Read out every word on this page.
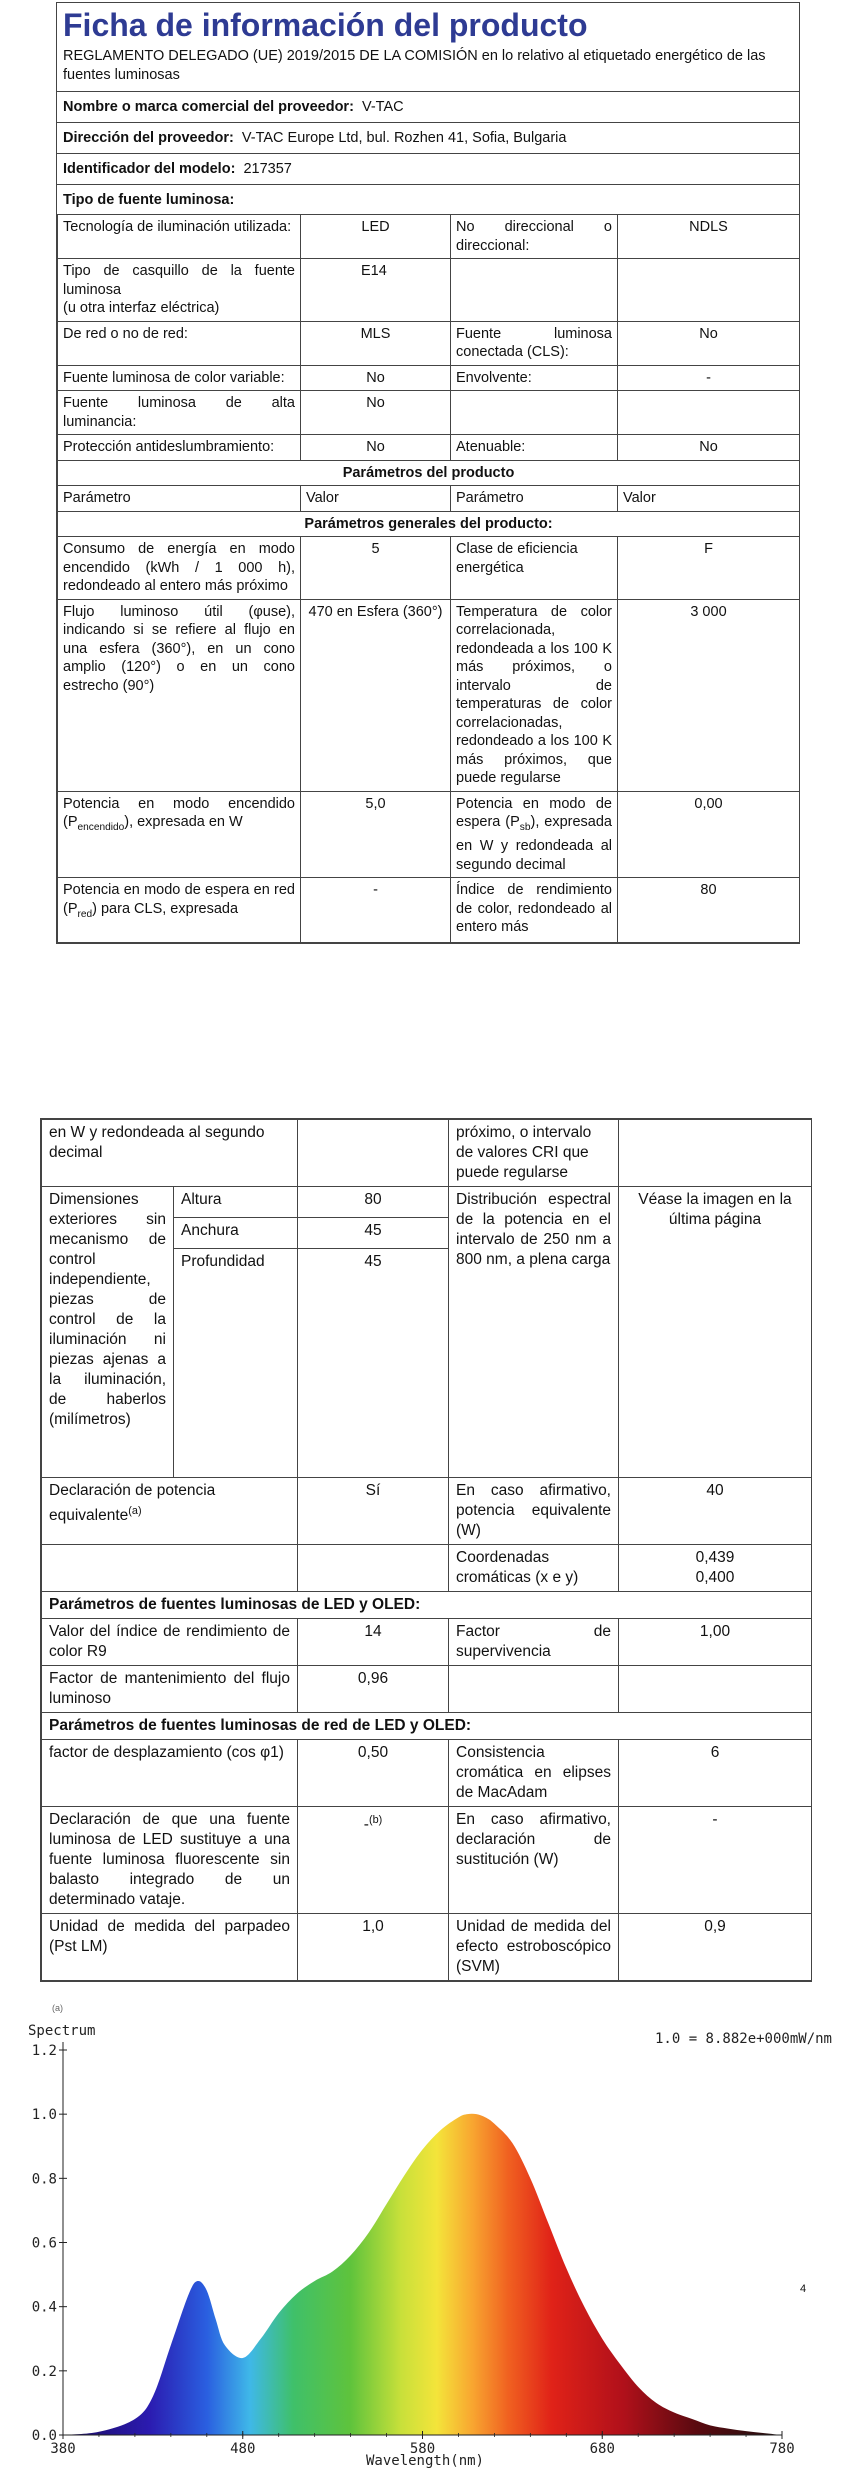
Ficha de información del producto
REGLAMENTO DELEGADO (UE) 2019/2015 DE LA COMISIÓN en lo relativo al etiquetado energético de las fuentes luminosas
Nombre o marca comercial del proveedor: V-TAC
Dirección del proveedor: V-TAC Europe Ltd, bul. Rozhen 41, Sofia, Bulgaria
Identificador del modelo: 217357
Tipo de fuente luminosa:
Tecnología de iluminación utilizada:	LED	No direccional o direccional:	NDLS
Tipo de casquillo de la fuente luminosa
(u otra interfaz eléctrica)	E14		
De red o no de red:	MLS	Fuente luminosa conectada (CLS):	No
Fuente luminosa de color variable:	No	Envolvente:	-
Fuente luminosa de alta luminancia:	No		
Protección antideslumbramiento:	No	Atenuable:	No
Parámetros del producto			
Parámetro	Valor	Parámetro	Valor
Parámetros generales del producto:			
Consumo de energía en modo encendido (kWh / 1 000 h), redondeado al entero más próximo	5	Clase de eficiencia energética	F
Flujo luminoso útil (φuse), indicando si se refiere al flujo en una esfera (360°), en un cono amplio (120°) o en un cono estrecho (90°)	470 en Esfera (360°)	Temperatura de color correlacionada, redondeada a los 100 K más próximos, o intervalo de temperaturas de color correlacionadas, redondeado a los 100 K más próximos, que puede regularse	3 000
Potencia en modo encendido $(P_{encendido})$, expresada en W	5,0	Potencia en modo de espera $(P_{sb})$, expresada en W y redondeada al segundo decimal	0,00
Potencia en modo de espera en red $(P_{red})$ para CLS, expresada	-	Índice de rendimiento de color, redondeado al entero más	80
en W y redondeada al segundo decimal			próximo, o intervalo de valores CRI que puede regularse	
Dimensiones exteriores sin mecanismo de control independiente, piezas de control de la iluminación ni piezas ajenas a la iluminación, de haberlos (milímetros)	Altura	80	Distribución espectral de la potencia en el intervalo de 250 nm a 800 nm, a plena carga	Véase la imagen en la última página
	Anchura	45		
	Profundidad	45		
Declaración de potencia equivalente$^{(a)}$		Sí	En caso afirmativo, potencia equivalente (W)	40
			Coordenadas cromáticas (x e y)	0,439
0,400
Parámetros de fuentes luminosas de LED y OLED:				
Valor del índice de rendimiento de color R9		14	Factor de supervivencia	1,00
Factor de mantenimiento del flujo luminoso		0,96		
Parámetros de fuentes luminosas de red de LED y OLED:				
factor de desplazamiento (cos φ1)		0,50	Consistencia cromática en elipses de MacAdam	6
Declaración de que una fuente luminosa de LED sustituye a una fuente luminosa fluorescente sin balasto integrado de un determinado vataje.		-$^{(b)}$	En caso afirmativo, declaración de sustitución (W)	-
Unidad de medida del parpadeo (Pst LM)		1,0	Unidad de medida del efecto estroboscópico (SVM)	0,9
(a)
Spectrum	1.0 = 8.882e+000mW/nm
0.0
0.2
0.4
0.6
0.8
1.0
1.2
380	480	580	680	780
Wavelength(nm)
4
